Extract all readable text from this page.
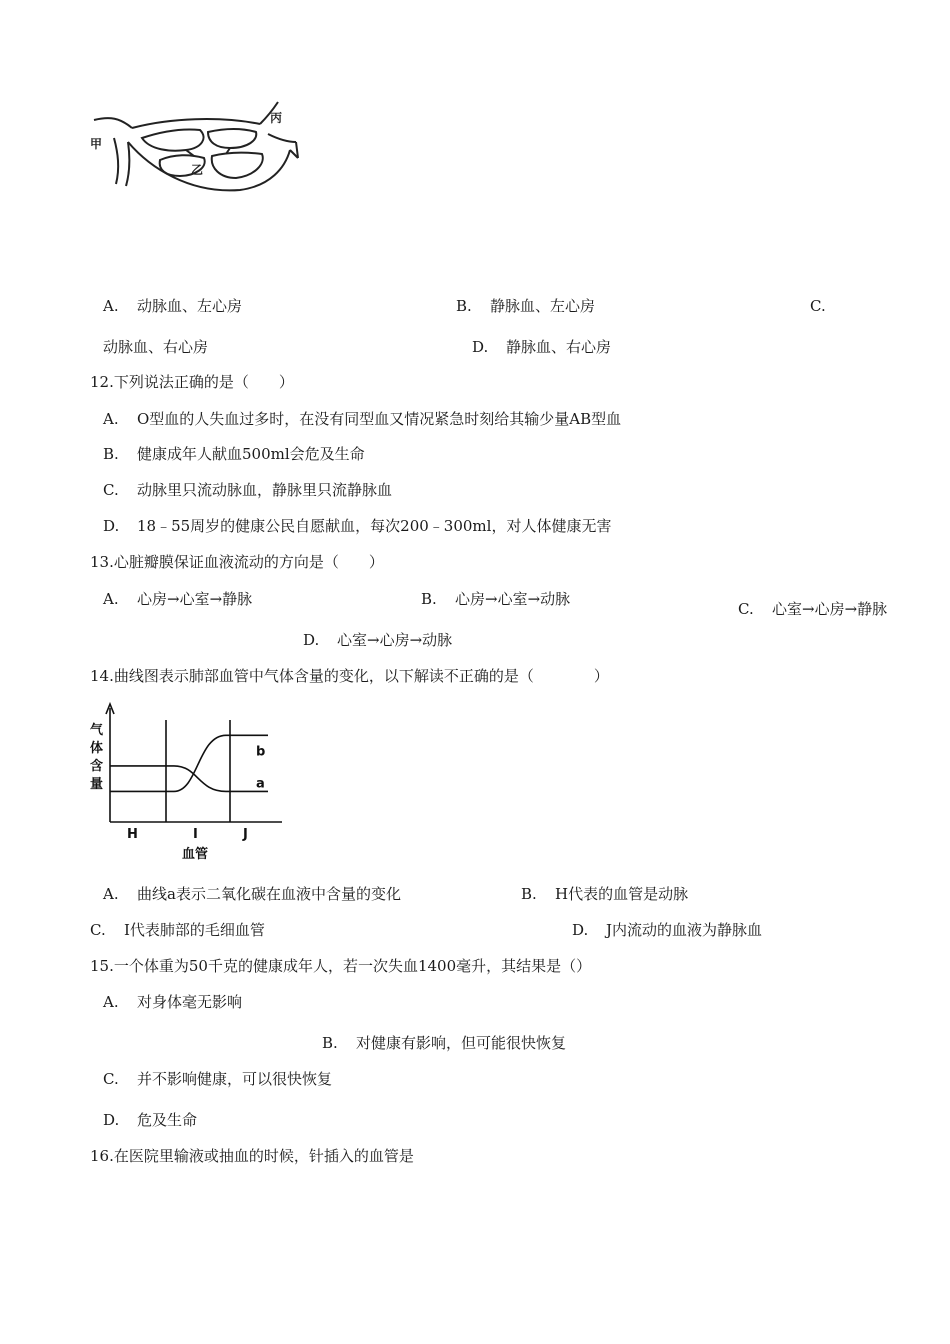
甲
乙
丙
A. 动脉血、左心房	B. 静脉血、左心房	C.
动脉血、右心房	D. 静脉血、右心房
12.下列说法正确的是（　　）
A. O型血的人失血过多时，在没有同型血又情况紧急时刻给其输少量AB型血
B. 健康成年人献血500ml会危及生命
C. 动脉里只流动脉血，静脉里只流静脉血
D. 18﹣55周岁的健康公民自愿献血，每次200﹣300ml，对人体健康无害
13.心脏瓣膜保证血液流动的方向是（　　）
A. 心房→心室→静脉	B. 心房→心室→动脉
C. 心室→心房→静脉
D. 心室→心房→动脉
14.曲线图表示肺部血管中气体含量的变化，以下解读不正确的是（　　　　）
a
b
气 体 含 量
H	I	J
血管
A. 曲线a表示二氧化碳在血液中含量的变化	B. H代表的血管是动脉
C. I代表肺部的毛细血管	D. J内流动的血液为静脉血
15.一个体重为50千克的健康成年人，若一次失血1400毫升，其结果是（）
A. 对身体毫无影响
B. 对健康有影响，但可能很快恢复
C. 并不影响健康，可以很快恢复
D. 危及生命
16.在医院里输液或抽血的时候，针插入的血管是
